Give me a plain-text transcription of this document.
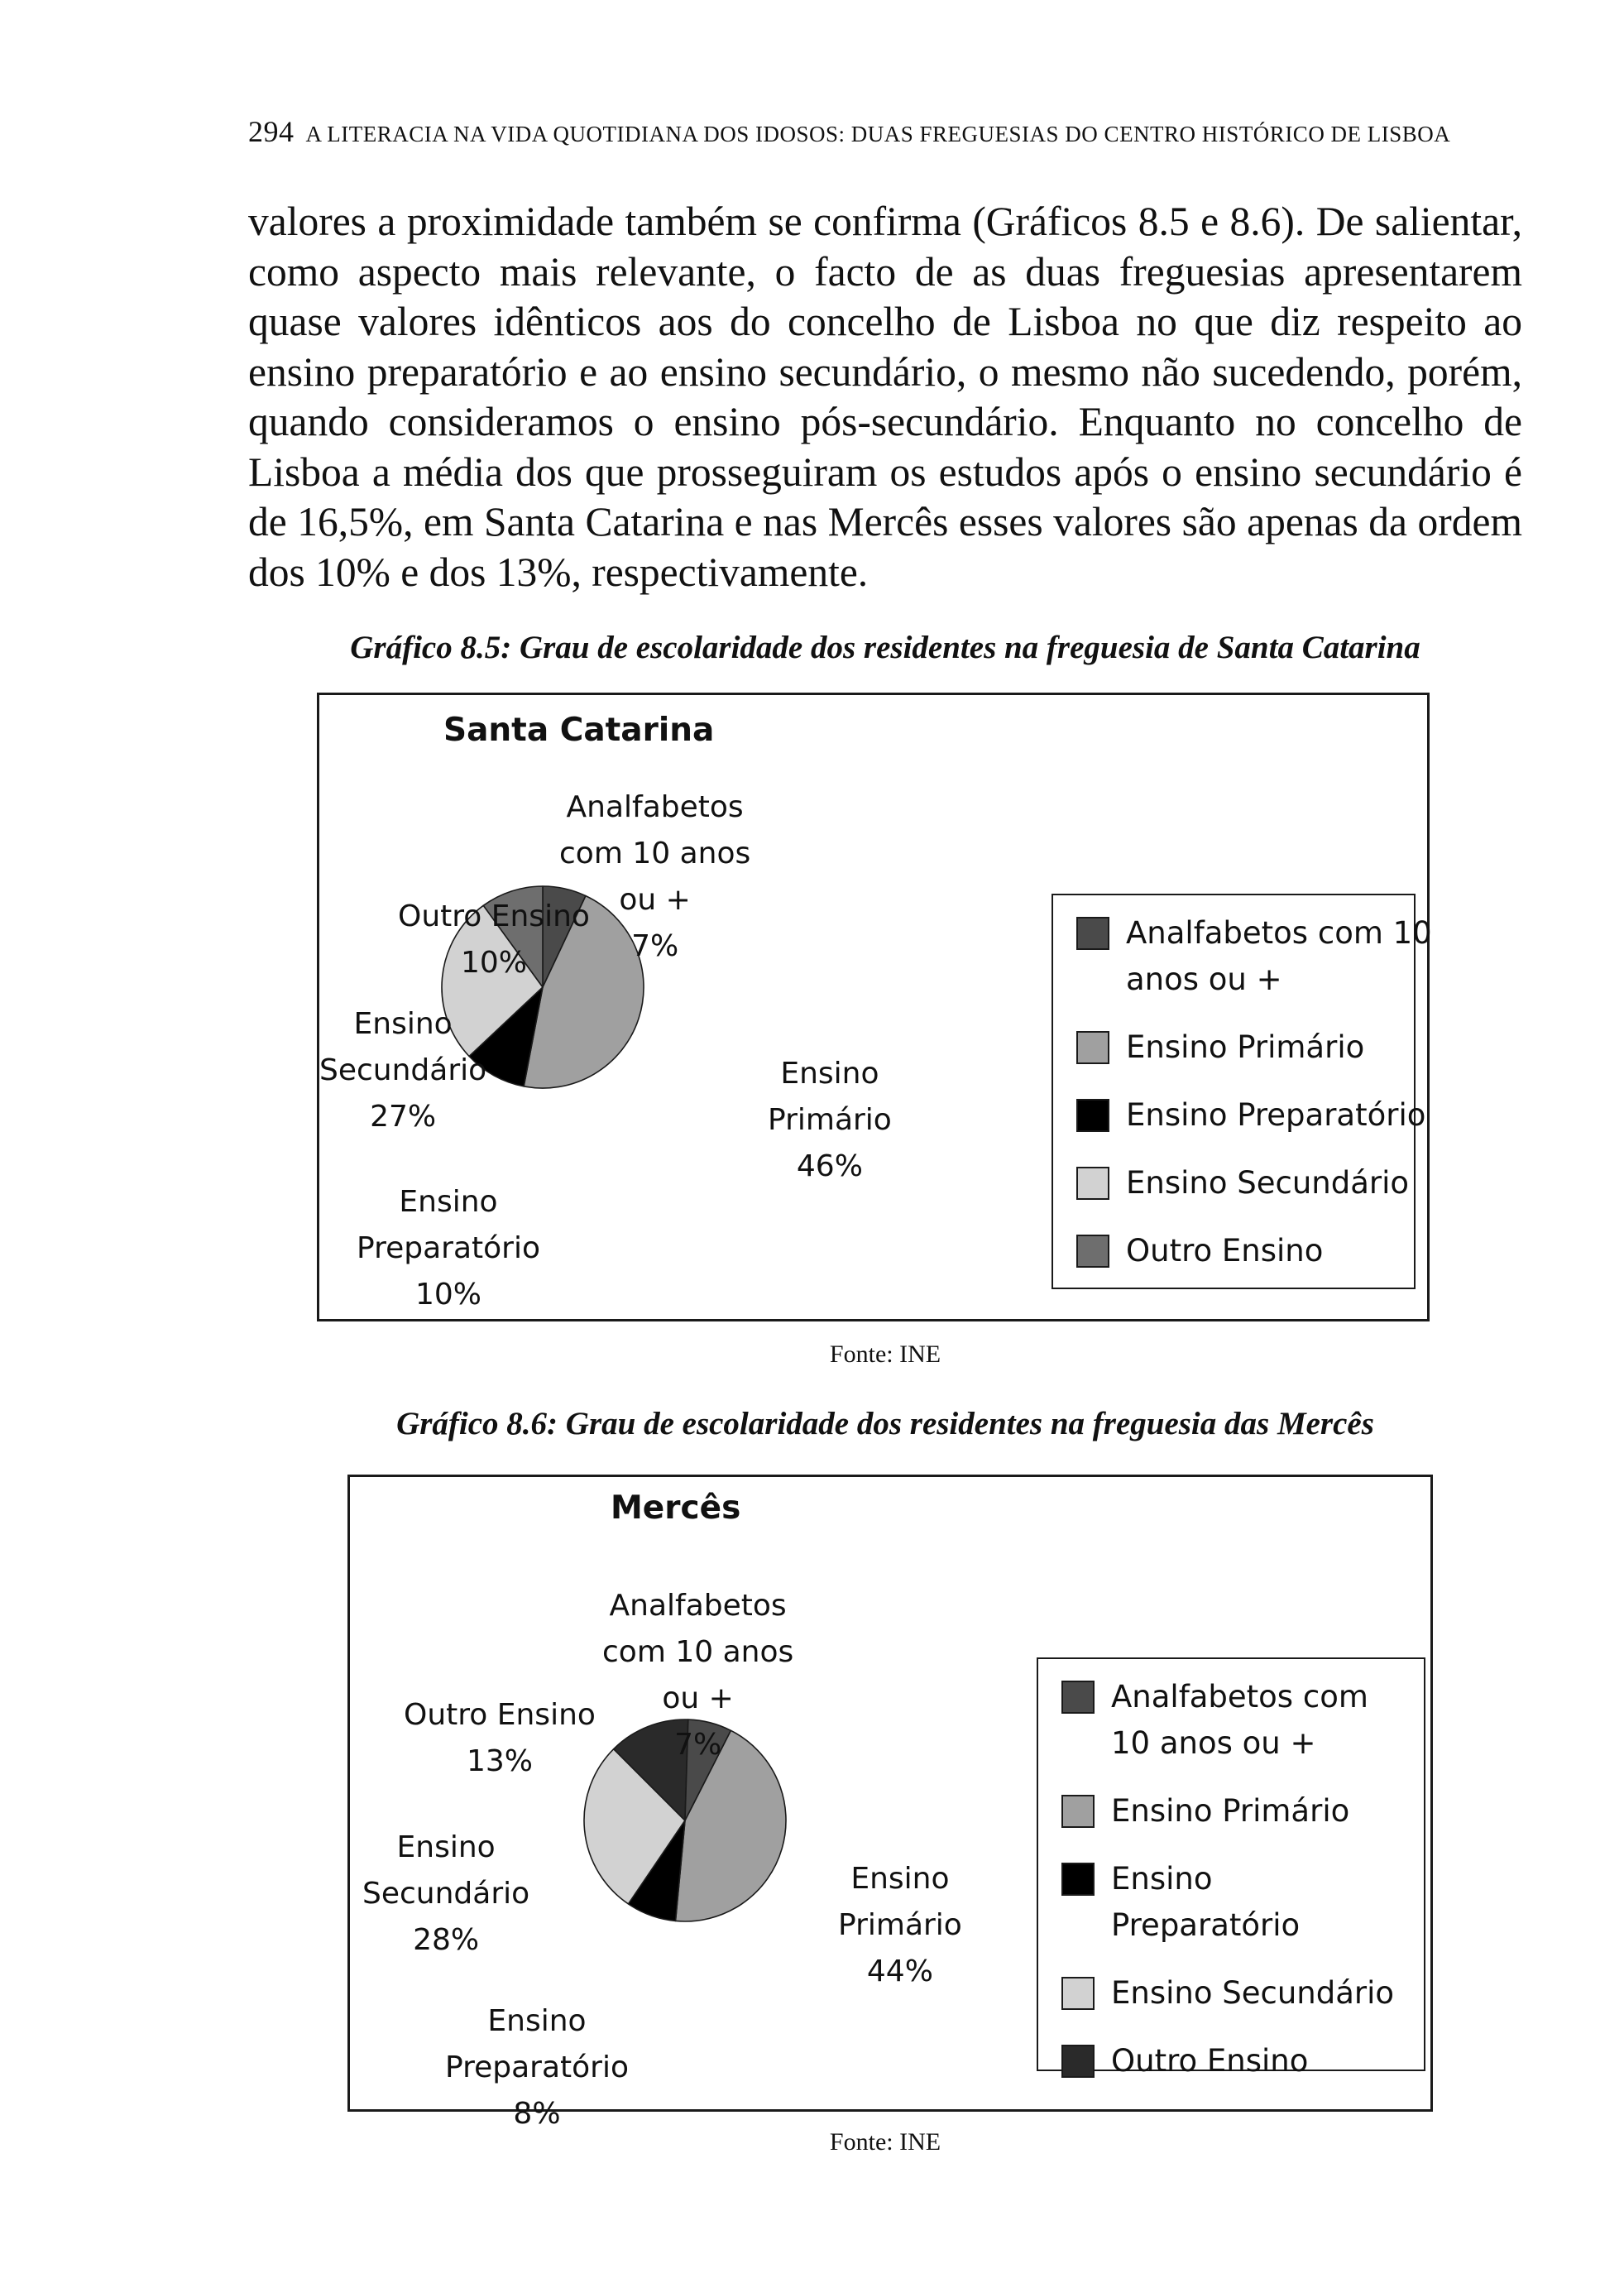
294 A LITERACIA NA VIDA QUOTIDIANA DOS IDOSOS: DUAS FREGUESIAS DO CENTRO HISTÓRICO DE LISBOA

valores a proximidade também se confirma (Gráficos 8.5 e 8.6). De salientar, como aspecto mais relevante, o facto de as duas freguesias apresentarem quase valores idênticos aos do concelho de Lisboa no que diz respeito ao ensino preparatório e ao ensino secundário, o mesmo não sucedendo, porém, quando consideramos o ensino pós-secundário. Enquanto no concelho de Lisboa a média dos que prosseguiram os estudos após o ensino secundário é de 16,5%, em Santa Catarina e nas Mercês esses valores são apenas da ordem dos 10% e dos 13%, respectivamente.

Gráfico 8.5: Grau de escolaridade dos residentes na freguesia de Santa Catarina
Santa Catarina
Analfabetos
com 10 anos
ou +
7%
Outro Ensino
10%
Ensino
Secundário
27%
Ensino
Preparatório
10%
Ensino
Primário
46%
Analfabetos com 10
anos ou +
Ensino Primário
Ensino Preparatório
Ensino Secundário
Outro Ensino
Fonte: INE
Gráfico 8.6: Grau de escolaridade dos residentes na freguesia das Mercês
Mercês
Analfabetos
com 10 anos
ou +
7%
Outro Ensino
13%
Ensino
Secundário
28%
Ensino
Preparatório
8%
Ensino
Primário
44%
Analfabetos com
10 anos ou +
Ensino Primário
Ensino
Preparatório
Ensino Secundário
Outro Ensino
Fonte: INE
